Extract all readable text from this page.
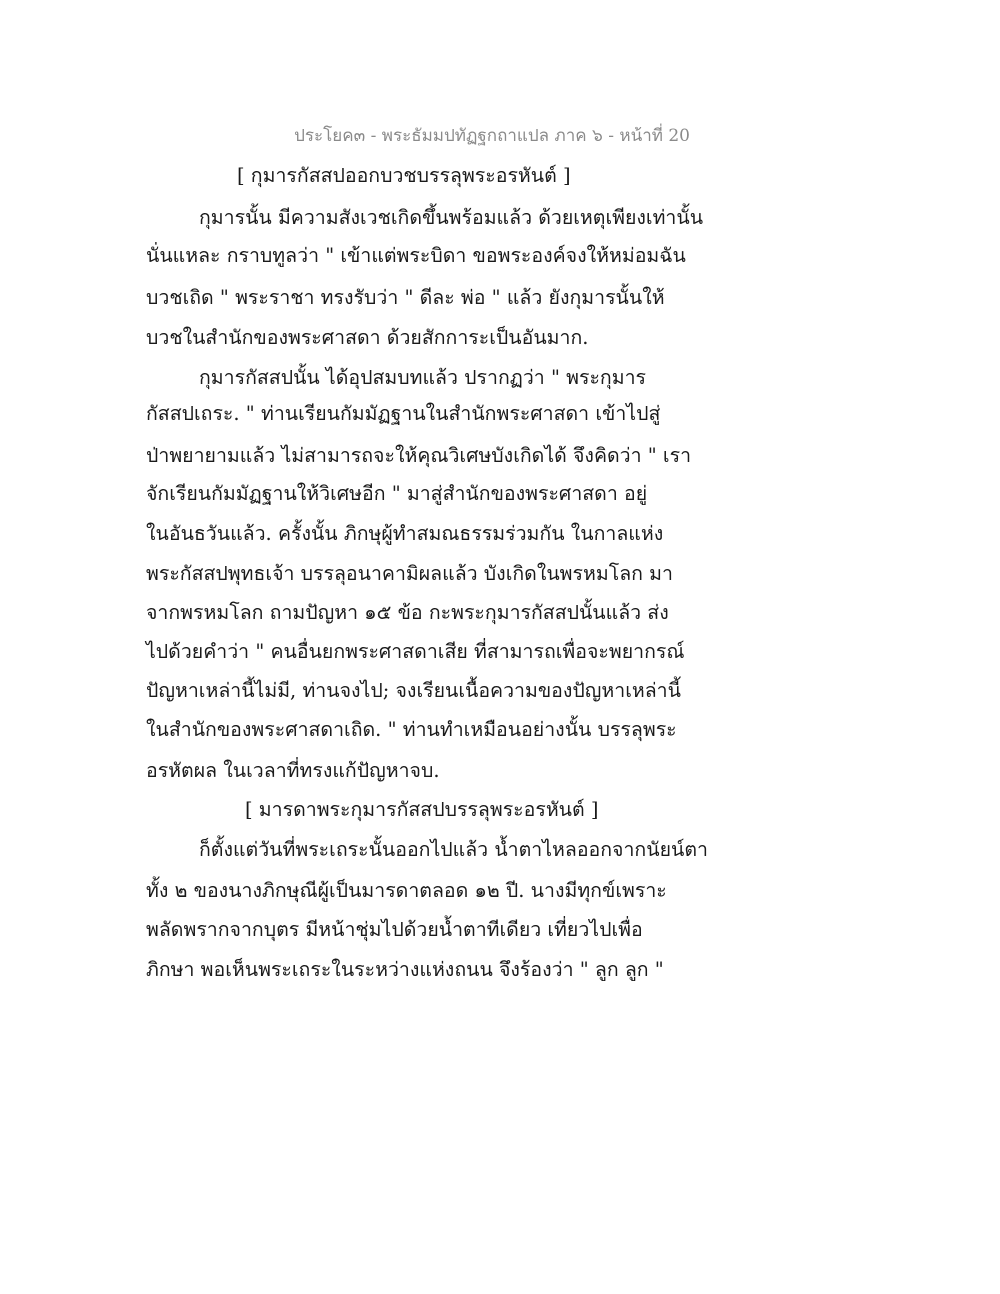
ประโยค๓ - พระธัมมปทัฏฐกถาแปล ภาค ๖ - หน้าที่ 20
[ กุมารกัสสปออกบวชบรรลุพระอรหันต์ ]
กุมารนั้น มีความสังเวชเกิดขึ้นพร้อมแล้ว ด้วยเหตุเพียงเท่านั้น
นั่นแหละ กราบทูลว่า " เข้าแต่พระบิดา ขอพระองค์จงให้หม่อมฉัน
บวชเถิด " พระราชา ทรงรับว่า " ดีละ พ่อ " แล้ว ยังกุมารนั้นให้
บวชในสำนักของพระศาสดา ด้วยสักการะเป็นอันมาก.
กุมารกัสสปนั้น ได้อุปสมบทแล้ว ปรากฏว่า " พระกุมาร
กัสสปเถระ. " ท่านเรียนกัมมัฏฐานในสำนักพระศาสดา เข้าไปสู่
ป่าพยายามแล้ว ไม่สามารถจะให้คุณวิเศษบังเกิดได้ จึงคิดว่า " เรา
จักเรียนกัมมัฏฐานให้วิเศษอีก " มาสู่สำนักของพระศาสดา อยู่
ในอันธวันแล้ว. ครั้งนั้น ภิกษุผู้ทำสมณธรรมร่วมกัน ในกาลแห่ง
พระกัสสปพุทธเจ้า บรรลุอนาคามิผลแล้ว บังเกิดในพรหมโลก มา
จากพรหมโลก ถามปัญหา ๑๕ ข้อ กะพระกุมารกัสสปนั้นแล้ว ส่ง
ไปด้วยคำว่า " คนอื่นยกพระศาสดาเสีย ที่สามารถเพื่อจะพยากรณ์
ปัญหาเหล่านี้ไม่มี, ท่านจงไป; จงเรียนเนื้อความของปัญหาเหล่านี้
ในสำนักของพระศาสดาเถิด. " ท่านทำเหมือนอย่างนั้น บรรลุพระ
อรหัตผล ในเวลาที่ทรงแก้ปัญหาจบ.
[ มารดาพระกุมารกัสสปบรรลุพระอรหันต์ ]
ก็ตั้งแต่วันที่พระเถระนั้นออกไปแล้ว น้ำตาไหลออกจากนัยน์ตา
ทั้ง ๒ ของนางภิกษุณีผู้เป็นมารดาตลอด ๑๒ ปี. นางมีทุกข์เพราะ
พลัดพรากจากบุตร มีหน้าชุ่มไปด้วยน้ำตาทีเดียว เที่ยวไปเพื่อ
ภิกษา พอเห็นพระเถระในระหว่างแห่งถนน จึงร้องว่า " ลูก ลูก "
